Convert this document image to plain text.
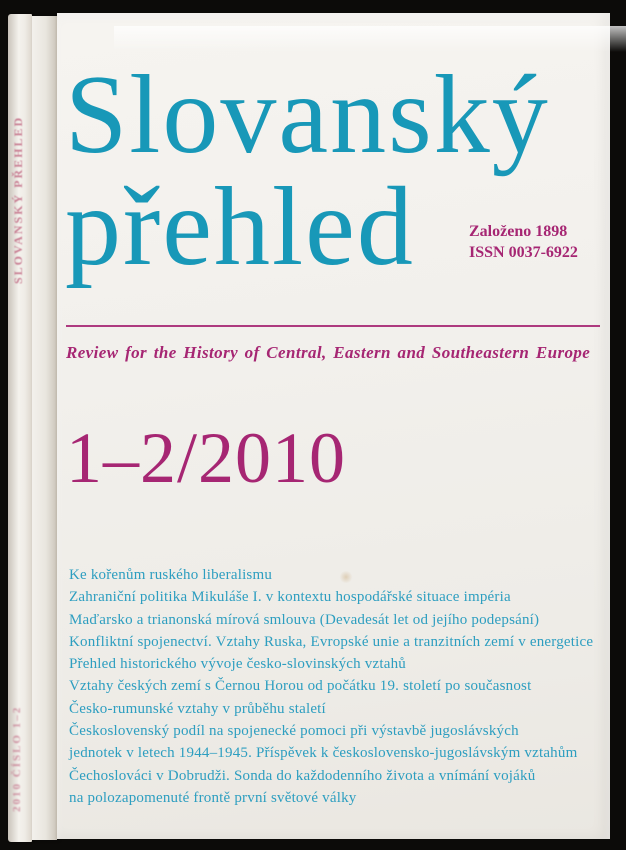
SLOVANSKÝ PŘEHLED
2010 ČÍSLO 1–2
Slovanský
přehled	Založeno 1898
ISSN 0037-6922
Review for the History of Central, Eastern and Southeastern Europe
1–2/2010
Ke kořenům ruského liberalismu
Zahraniční politika Mikuláše I. v kontextu hospodářské situace impéria
Maďarsko a trianonská mírová smlouva (Devadesát let od jejího podepsání)
Konfliktní spojenectví. Vztahy Ruska, Evropské unie a tranzitních zemí v energetice
Přehled historického vývoje česko-slovinských vztahů
Vztahy českých zemí s Černou Horou od počátku 19. století po současnost
Česko-rumunské vztahy v průběhu staletí
Československý podíl na spojenecké pomoci při výstavbě jugoslávských
jednotek v letech 1944–1945. Příspěvek k československo-jugoslávským vztahům
Čechoslováci v Dobrudži. Sonda do každodenního života a vnímání vojáků
na polozapomenuté frontě první světové války
